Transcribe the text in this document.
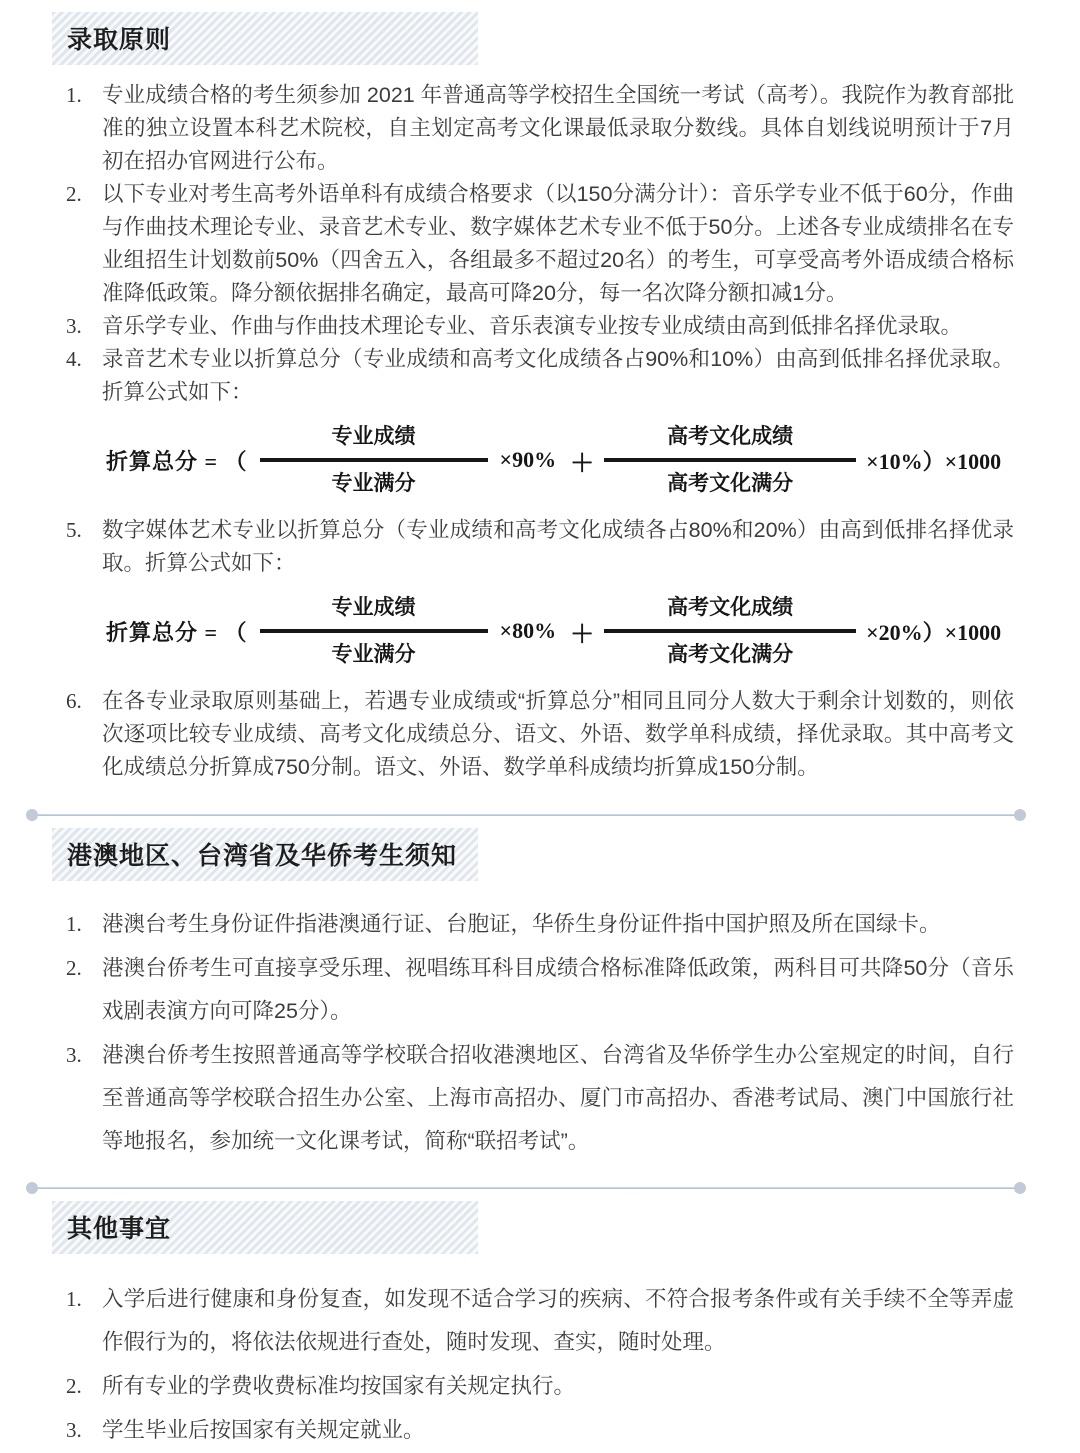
录取原则
1. 专业成绩合格的考生须参加 2021 年普通高等学校招生全国统一考试（高考）。我院作为教育部批准的独立设置本科艺术院校，自主划定高考文化课最低录取分数线。具体自划线说明预计于7月初在招办官网进行公布。

2. 以下专业对考生高考外语单科有成绩合格要求（以150分满分计）：音乐学专业不低于60分，作曲与作曲技术理论专业、录音艺术专业、数字媒体艺术专业不低于50分。上述各专业成绩排名在专业组招生计划数前50%（四舍五入，各组最多不超过20名）的考生，可享受高考外语成绩合格标准降低政策。降分额依据排名确定，最高可降20分，每一名次降分额扣减1分。

3. 音乐学专业、作曲与作曲技术理论专业、音乐表演专业按专业成绩由高到低排名择优录取。

4. 录音艺术专业以折算总分（专业成绩和高考文化成绩各占90%和10%）由高到低排名择优录取。折算公式如下：

折算总分 = （ $\frac{\text{专业成绩}}{\text{专业满分}} \times 90\% + \frac{\text{高考文化成绩}}{\text{高考文化满分}} \times 10\%)\times 1000$
5. 数字媒体艺术专业以折算总分（专业成绩和高考文化成绩各占80%和20%）由高到低排名择优录取。折算公式如下：

折算总分 = （ $\frac{\text{专业成绩}}{\text{专业满分}} \times 80\% + \frac{\text{高考文化成绩}}{\text{高考文化满分}} \times 20\%)\times 1000$
6. 在各专业录取原则基础上，若遇专业成绩或“折算总分”相同且同分人数大于剩余计划数的，则依次逐项比较专业成绩、高考文化成绩总分、语文、外语、数学单科成绩，择优录取。其中高考文化成绩总分折算成750分制。语文、外语、数学单科成绩均折算成150分制。

港澳地区、台湾省及华侨考生须知
1. 港澳台考生身份证件指港澳通行证、台胞证，华侨生身份证件指中国护照及所在国绿卡。

2. 港澳台侨考生可直接享受乐理、视唱练耳科目成绩合格标准降低政策，两科目可共降50分（音乐戏剧表演方向可降25分）。

3. 港澳台侨考生按照普通高等学校联合招收港澳地区、台湾省及华侨学生办公室规定的时间，自行至普通高等学校联合招生办公室、上海市高招办、厦门市高招办、香港考试局、澳门中国旅行社等地报名，参加统一文化课考试，简称“联招考试”。

其他事宜
1. 入学后进行健康和身份复查，如发现不适合学习的疾病、不符合报考条件或有关手续不全等弄虚作假行为的，将依法依规进行查处，随时发现、查实，随时处理。

2. 所有专业的学费收费标准均按国家有关规定执行。

3. 学生毕业后按国家有关规定就业。
